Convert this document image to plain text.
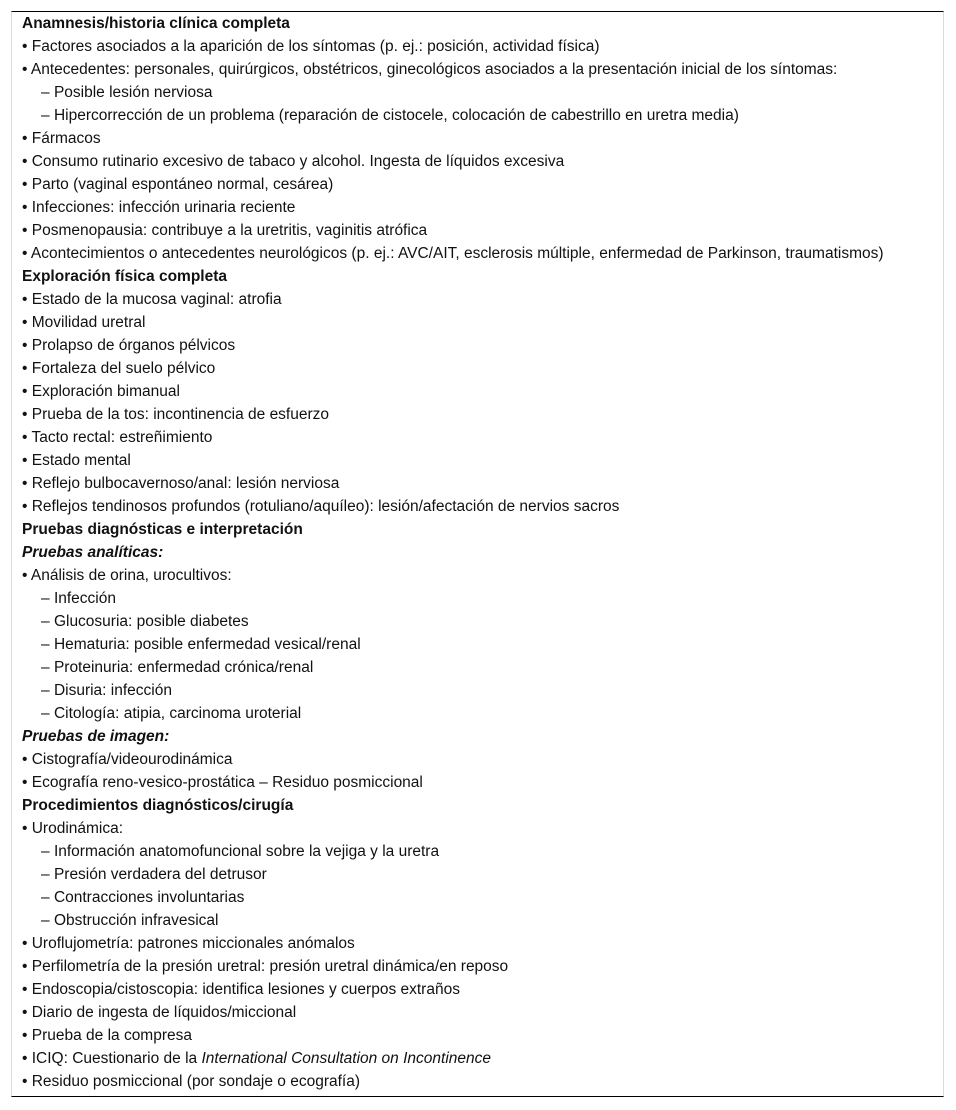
Anamnesis/historia clínica completa
• Factores asociados a la aparición de los síntomas (p. ej.: posición, actividad física)
• Antecedentes: personales, quirúrgicos, obstétricos, ginecológicos asociados a la presentación inicial de los síntomas:
– Posible lesión nerviosa
– Hipercorrección de un problema (reparación de cistocele, colocación de cabestrillo en uretra media)
• Fármacos
• Consumo rutinario excesivo de tabaco y alcohol. Ingesta de líquidos excesiva
• Parto (vaginal espontáneo normal, cesárea)
• Infecciones: infección urinaria reciente
• Posmenopausia: contribuye a la uretritis, vaginitis atrófica
• Acontecimientos o antecedentes neurológicos (p. ej.: AVC/AIT, esclerosis múltiple, enfermedad de Parkinson, traumatismos)
Exploración física completa
• Estado de la mucosa vaginal: atrofia
• Movilidad uretral
• Prolapso de órganos pélvicos
• Fortaleza del suelo pélvico
• Exploración bimanual
• Prueba de la tos: incontinencia de esfuerzo
• Tacto rectal: estreñimiento
• Estado mental
• Reflejo bulbocavernoso/anal: lesión nerviosa
• Reflejos tendinosos profundos (rotuliano/aquíleo): lesión/afectación de nervios sacros
Pruebas diagnósticas e interpretación
Pruebas analíticas:
• Análisis de orina, urocultivos:
– Infección
– Glucosuria: posible diabetes
– Hematuria: posible enfermedad vesical/renal
– Proteinuria: enfermedad crónica/renal
– Disuria: infección
– Citología: atipia, carcinoma uroterial
Pruebas de imagen:
• Cistografía/videourodinámica
• Ecografía reno-vesico-prostática – Residuo posmiccional
Procedimientos diagnósticos/cirugía
• Urodinámica:
– Información anatomofuncional sobre la vejiga y la uretra
– Presión verdadera del detrusor
– Contracciones involuntarias
– Obstrucción infravesical
• Uroflujometría: patrones miccionales anómalos
• Perfilometría de la presión uretral: presión uretral dinámica/en reposo
• Endoscopia/cistoscopia: identifica lesiones y cuerpos extraños
• Diario de ingesta de líquidos/miccional
• Prueba de la compresa
• ICIQ: Cuestionario de la International Consultation on Incontinence
• Residuo posmiccional (por sondaje o ecografía)
